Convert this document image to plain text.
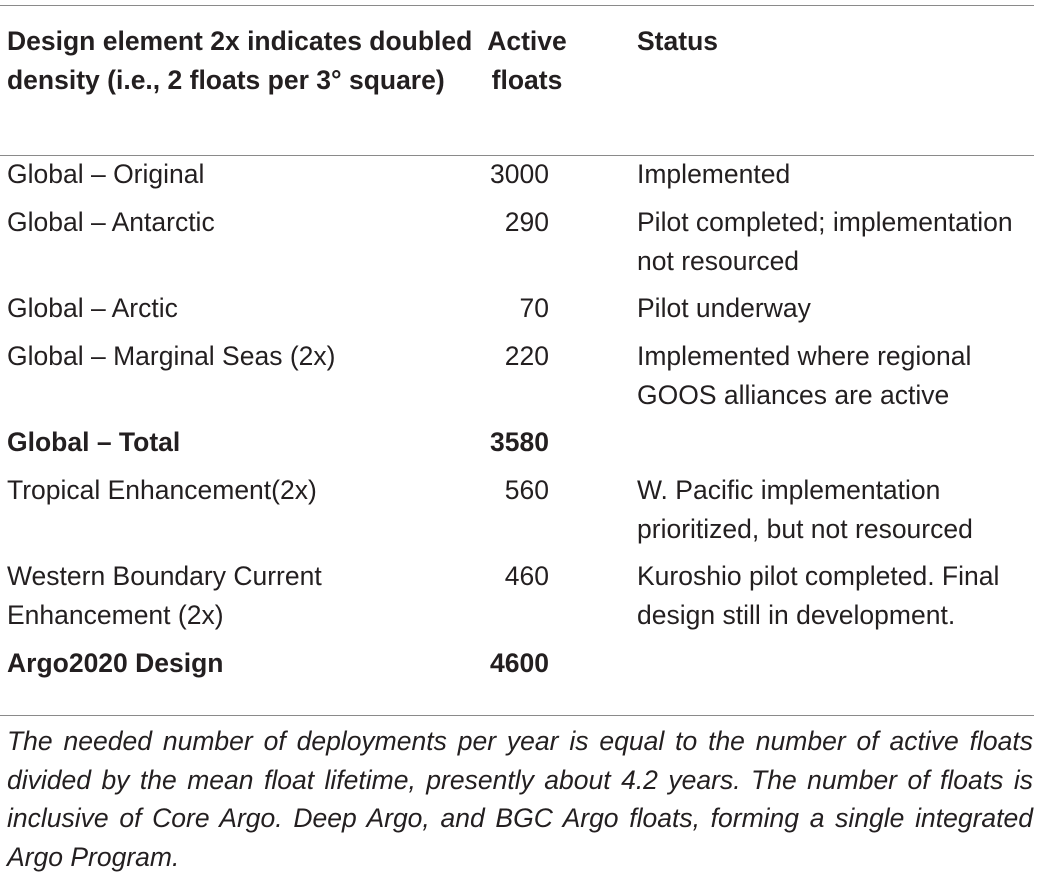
Design element 2x indicates doubled density (i.e., 2 floats per 3° square)	Active floats	Status
Global – Original	3000	Implemented
Global – Antarctic	290	Pilot completed; implementation not resourced
Global – Arctic	70	Pilot underway
Global – Marginal Seas (2x)	220	Implemented where regional GOOS alliances are active
Global – Total	3580	
Tropical Enhancement(2x)	560	W. Pacific implementation prioritized, but not resourced
Western Boundary Current Enhancement (2x)	460	Kuroshio pilot completed. Final design still in development.
Argo2020 Design	4600	

The needed number of deployments per year is equal to the number of active floats divided by the mean float lifetime, presently about 4.2 years. The number of floats is inclusive of Core Argo. Deep Argo, and BGC Argo floats, forming a single integrated Argo Program.
